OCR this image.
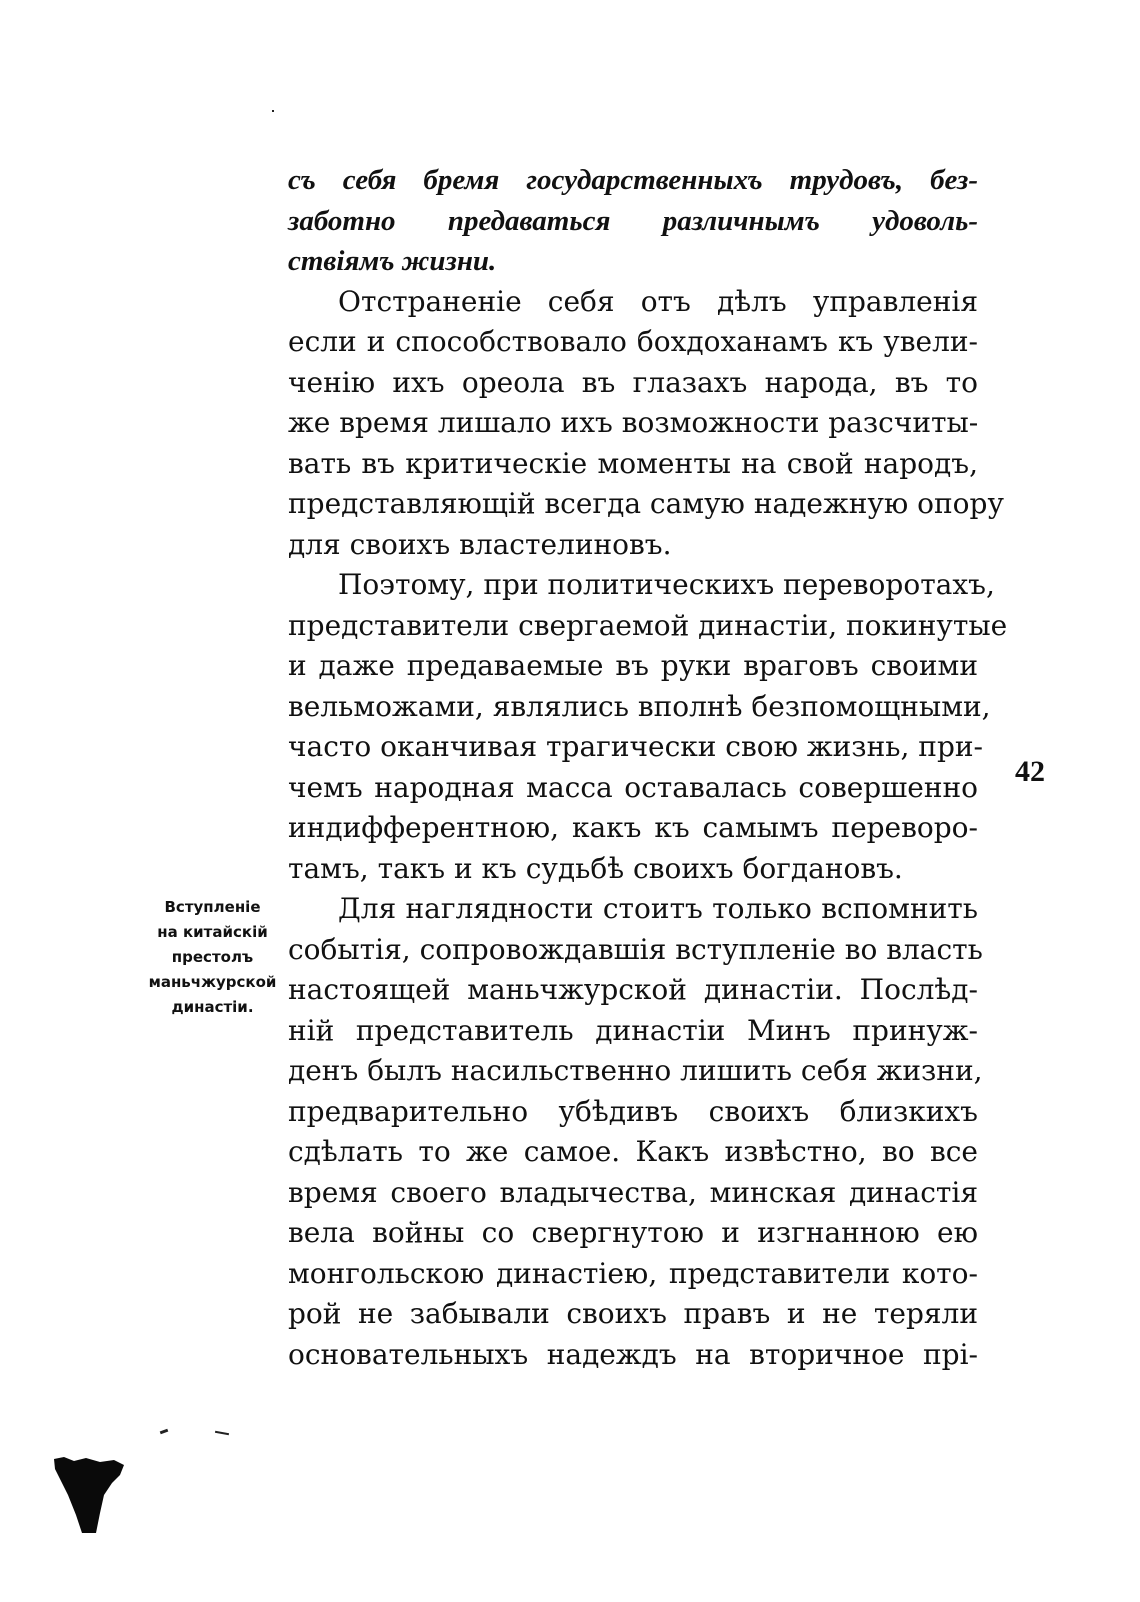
съ себя бремя государственныхъ трудовъ, без-
заботно предаваться различнымъ удоволь-
ствіямъ жизни.
Отстраненіе себя отъ дѣлъ управленія
если и способствовало бохдоханамъ къ увели-
ченію ихъ ореола въ глазахъ народа, въ то
же время лишало ихъ возможности разсчиты-
вать въ критическіе моменты на свой народъ,
представляющій всегда самую надежную опору
для своихъ властелиновъ.
Поэтому, при политическихъ переворотахъ,
представители свергаемой династіи, покинутые
и даже предаваемые въ руки враговъ своими
вельможами, являлись вполнѣ безпомощными,
часто оканчивая трагически свою жизнь, при-
чемъ народная масса оставалась совершенно
индифферентною, какъ къ самымъ переворо-
тамъ, такъ и къ судьбѣ своихъ богдановъ.
Для наглядности стоитъ только вспомнить
событія, сопровождавшія вступленіе во власть
настоящей маньчжурской династіи. Послѣд-
ній представитель династіи Минъ принуж-
денъ былъ насильственно лишить себя жизни,
предварительно убѣдивъ своихъ близкихъ
сдѣлать то же самое. Какъ извѣстно, во все
время своего владычества, минская династія
вела войны со свергнутою и изгнанною ею
монгольскою династіею, представители кото-
рой не забывали своихъ правъ и не теряли
основательныхъ надеждъ на вторичное прі-
42
Вступленіе
на китайскій
престолъ
маньчжурской
династіи.
